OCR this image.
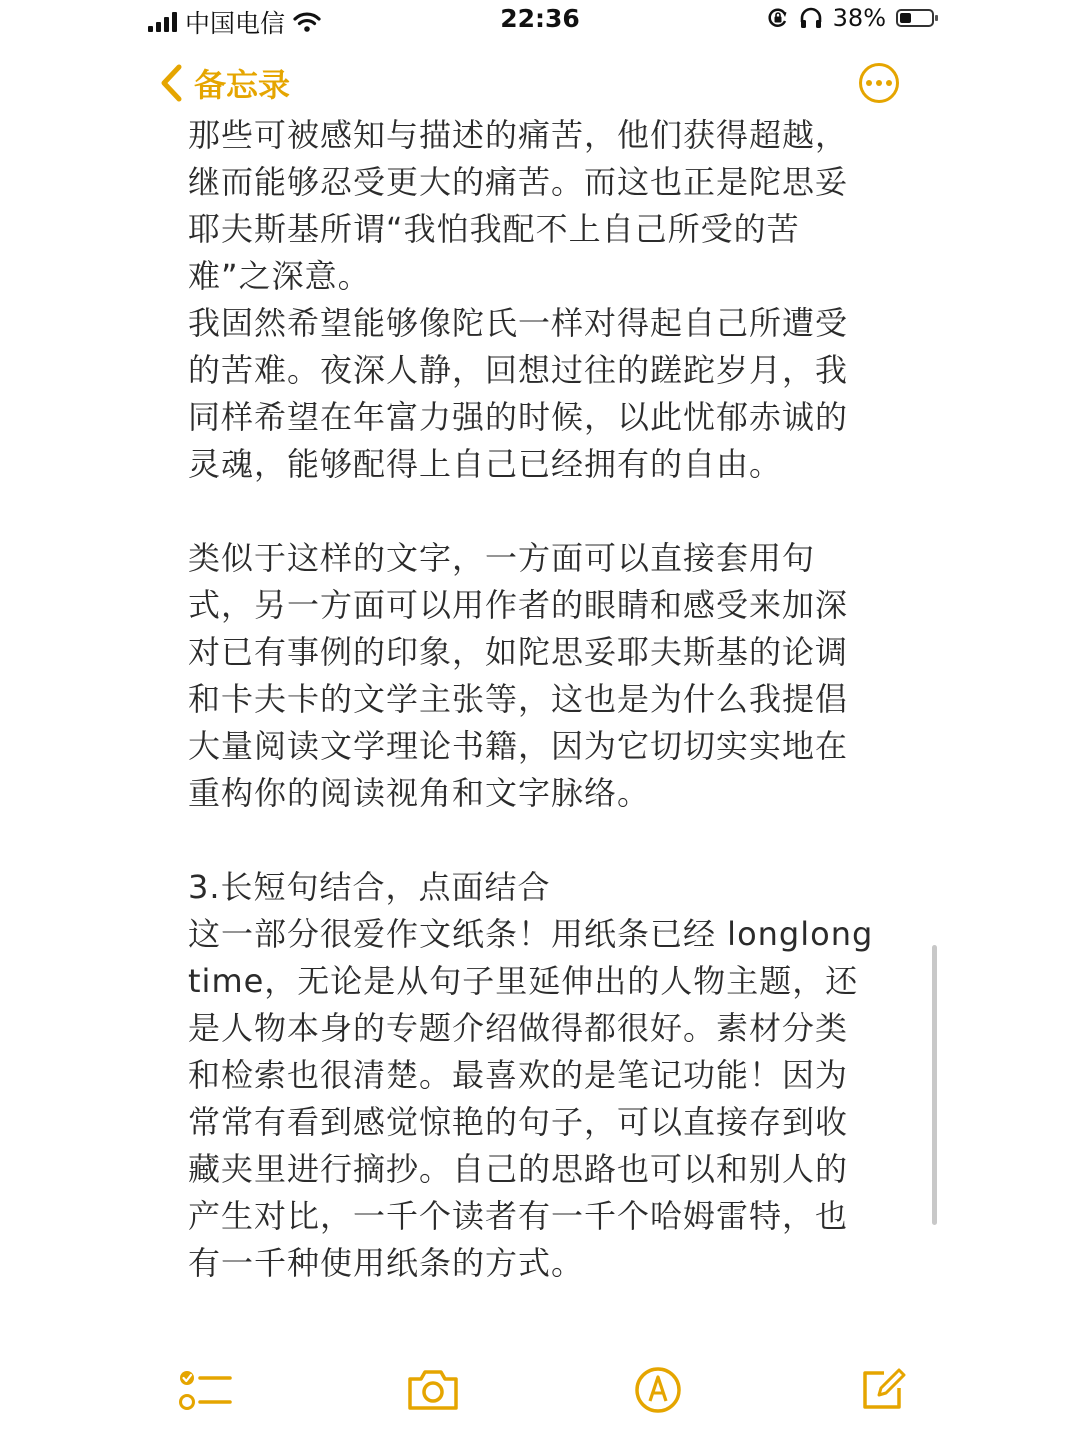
中国电信	22:36	38%
备忘录

那些可被感知与描述的痛苦，他们获得超越，继而能够忍受更大的痛苦。而这也正是陀思妥耶夫斯基所谓“我怕我配不上自己所受的苦难”之深意。

我固然希望能够像陀氏一样对得起自己所遭受的苦难。夜深人静，回想过往的蹉跎岁月，我同样希望在年富力强的时候，以此忧郁赤诚的灵魂，能够配得上自己已经拥有的自由。

类似于这样的文字，一方面可以直接套用句式，另一方面可以用作者的眼睛和感受来加深对已有事例的印象，如陀思妥耶夫斯基的论调和卡夫卡的文学主张等，这也是为什么我提倡大量阅读文学理论书籍，因为它切切实实地在重构你的阅读视角和文字脉络。

3.长短句结合，点面结合

这一部分很爱作文纸条！用纸条已经 longlong time，无论是从句子里延伸出的人物主题，还是人物本身的专题介绍做得都很好。素材分类和检索也很清楚。最喜欢的是笔记功能！因为常常有看到感觉惊艳的句子，可以直接存到收藏夹里进行摘抄。自己的思路也可以和别人的产生对比，一千个读者有一千个哈姆雷特，也有一千种使用纸条的方式。
